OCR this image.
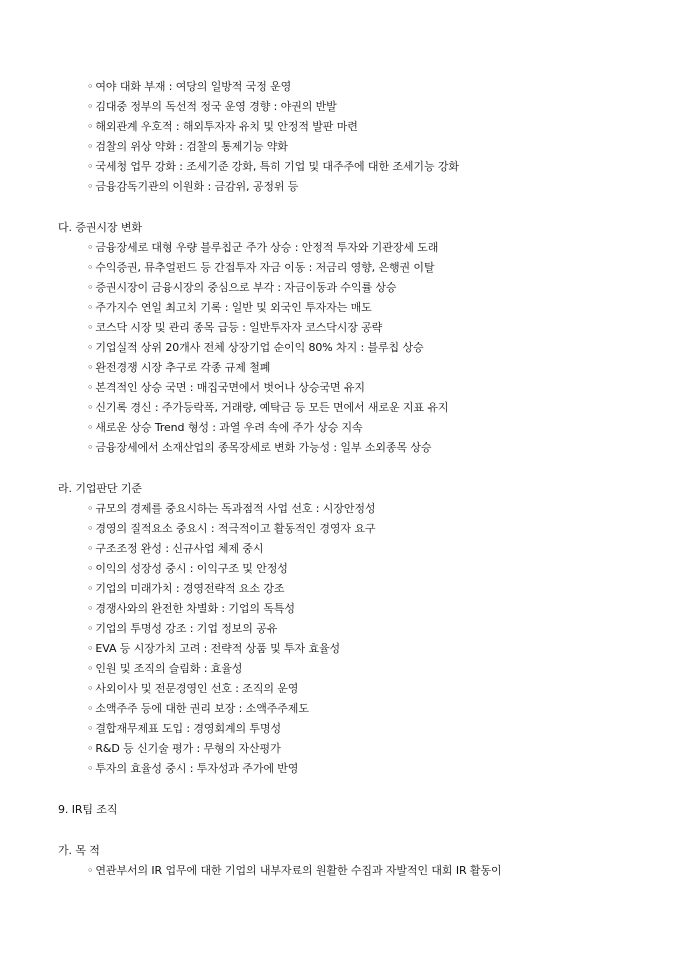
◦ 여야 대화 부재 : 여당의 일방적 국정 운영
◦ 김대중 정부의 독선적 정국 운영 경향 : 야권의 반발
◦ 해외관계 우호적 : 해외투자자 유치 및 안정적 발판 마련
◦ 검찰의 위상 약화 : 검찰의 통제기능 약화
◦ 국세청 업무 강화 : 조세기준 강화, 특히 기업 및 대주주에 대한 조세기능 강화
◦ 금융감독기관의 이원화 : 금감위, 공정위 등
다. 증권시장 변화
◦ 금융장세로 대형 우량 블루칩군 주가 상승 : 안정적 투자와 기관장세 도래
◦ 수익증권, 뮤추얼펀드 등 간접투자 자금 이동 : 저금리 영향, 은행권 이탈
◦ 증권시장이 금융시장의 중심으로 부각 : 자금이동과 수익률 상승
◦ 주가지수 연일 최고치 기록 : 일반 및 외국인 투자자는 매도
◦ 코스닥 시장 및 관리 종목 급등 : 일반투자자 코스닥시장 공략
◦ 기업실적 상위 20개사 전체 상장기업 순이익 80% 차지 : 블루칩 상승
◦ 완전경쟁 시장 추구로 각종 규제 철폐
◦ 본격적인 상승 국면 : 매집국면에서 벗어나 상승국면 유지
◦ 신기록 경신 : 주가등락폭, 거래량, 예탁금 등 모든 면에서 새로운 지표 유지
◦ 새로운 상승 Trend 형성 : 과열 우려 속에 주가 상승 지속
◦ 금융장세에서 소재산업의 종목장세로 변화 가능성 : 일부 소외종목 상승
라. 기업판단 기준
◦ 규모의 경제를 중요시하는 독과점적 사업 선호 : 시장안정성
◦ 경영의 질적요소 중요시 : 적극적이고 활동적인 경영자 요구
◦ 구조조정 완성 : 신규사업 체제 중시
◦ 이익의 성장성 중시 : 이익구조 및 안정성
◦ 기업의 미래가치 : 경영전략적 요소 강조
◦ 경쟁사와의 완전한 차별화 : 기업의 독특성
◦ 기업의 투명성 강조 : 기업 정보의 공유
◦ EVA 등 시장가치 고려 : 전략적 상품 및 투자 효율성
◦ 인원 및 조직의 슬림화 : 효율성
◦ 사외이사 및 전문경영인 선호 : 조직의 운영
◦ 소액주주 등에 대한 권리 보장 : 소액주주제도
◦ 결합재무제표 도입 : 경영회계의 투명성
◦ R&D 등 신기술 평가 : 무형의 자산평가
◦ 투자의 효율성 중시 : 투자성과 주가에 반영
9. IR팀 조직
가. 목 적
◦ 연관부서의 IR 업무에 대한 기업의 내부자료의 원활한 수집과 자발적인 대회 IR 활동이
